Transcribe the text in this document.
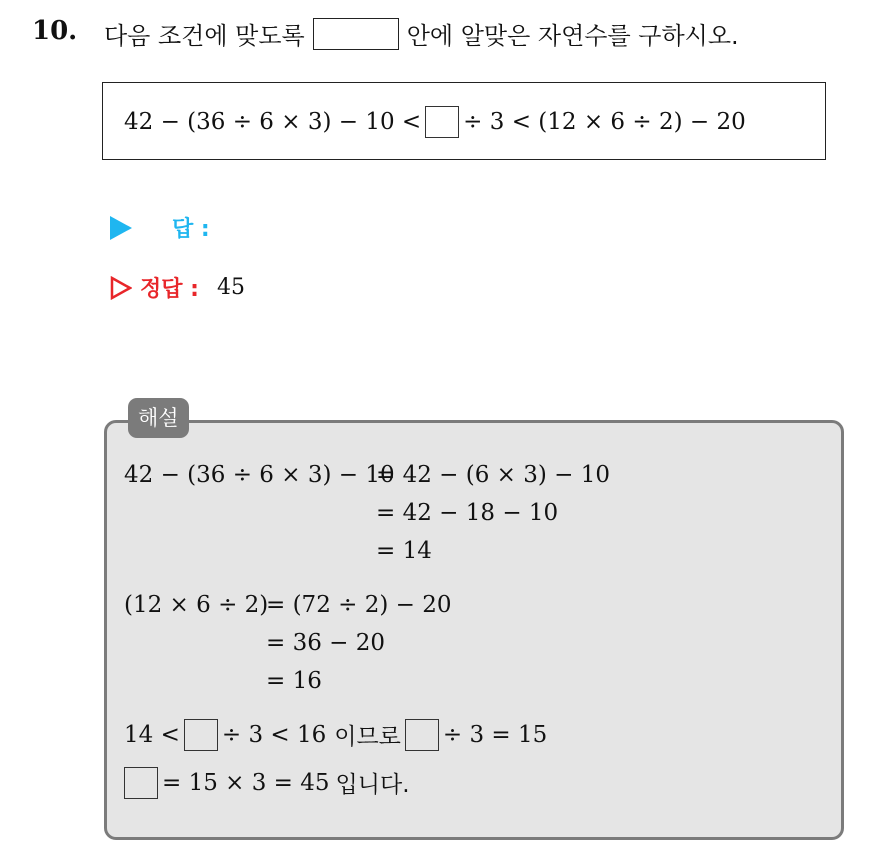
10. 다음 조건에 맞도록	안에 알맞은 자연수를 구하시오.
42 − (36 ÷ 6 × 3) − 10 < ÷ 3 < (12 × 6 ÷ 2) − 20
답 :
정답 : 45
해설
42 − (36 ÷ 6 × 3) − 10
= 42 − (6 × 3) − 10
= 42 − 18 − 10
= 14
(12 × 6 ÷ 2)
= (72 ÷ 2) − 20
= 36 − 20
= 16
14 < ÷ 3 < 16 이므로 ÷ 3 = 15
= 15 × 3 = 45 입니다.
